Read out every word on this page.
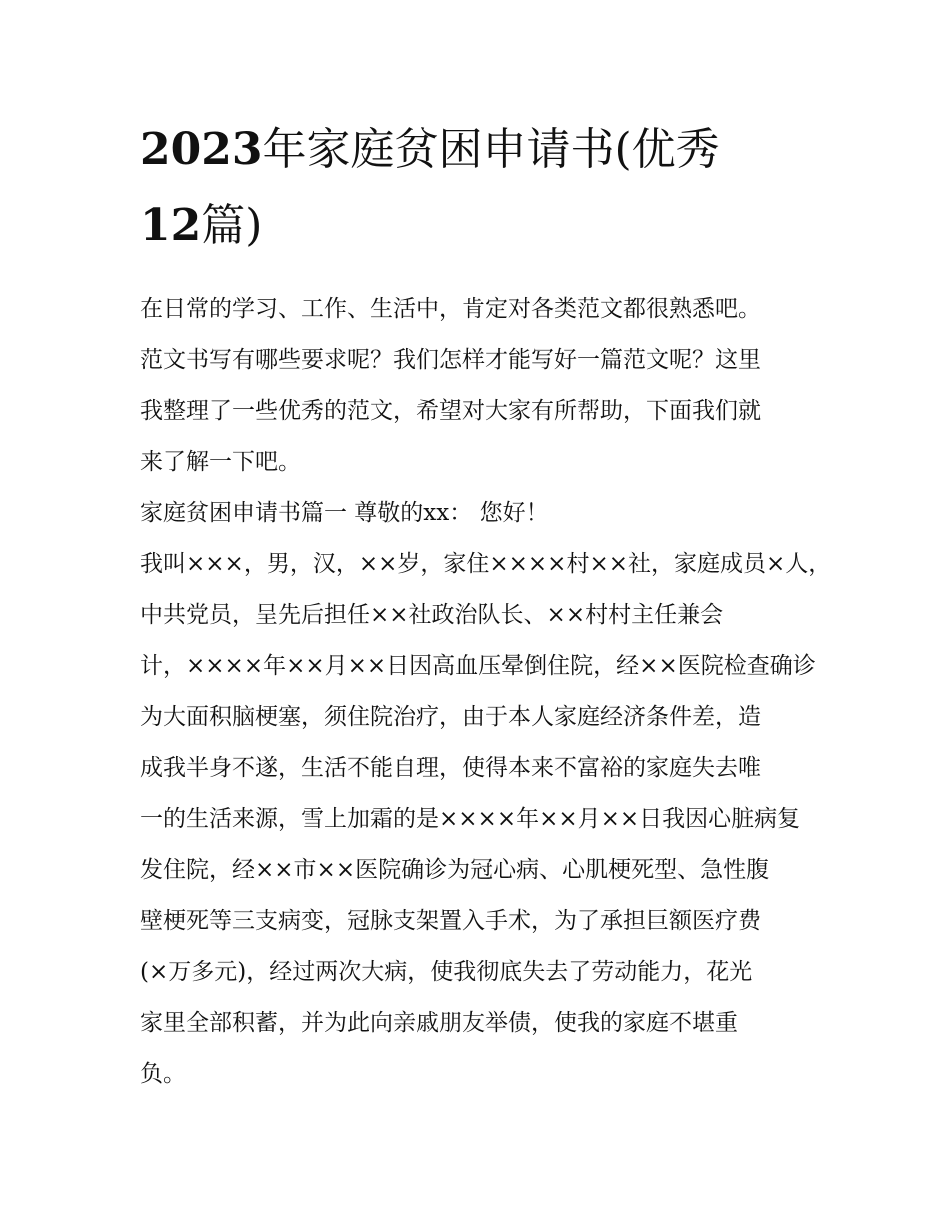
2023年家庭贫困申请书(优秀
12篇)

在日常的学习、工作、生活中，肯定对各类范文都很熟悉吧。
范文书写有哪些要求呢？我们怎样才能写好一篇范文呢？这里
我整理了一些优秀的范文，希望对大家有所帮助，下面我们就
来了解一下吧。

家庭贫困申请书篇一 尊敬的xx： 您好！

我叫×××，男，汉，××岁，家住××××村××社，家庭成员×人，
中共党员，呈先后担任××社政治队长、××村村主任兼会
计，××××年××月××日因高血压晕倒住院，经××医院检查确诊
为大面积脑梗塞，须住院治疗，由于本人家庭经济条件差，造
成我半身不遂，生活不能自理，使得本来不富裕的家庭失去唯
一的生活来源，雪上加霜的是××××年××月××日我因心脏病复
发住院，经××市××医院确诊为冠心病、心肌梗死型、急性腹
壁梗死等三支病变，冠脉支架置入手术，为了承担巨额医疗费
(×万多元)，经过两次大病，使我彻底失去了劳动能力，花光
家里全部积蓄，并为此向亲戚朋友举债，使我的家庭不堪重
负。
